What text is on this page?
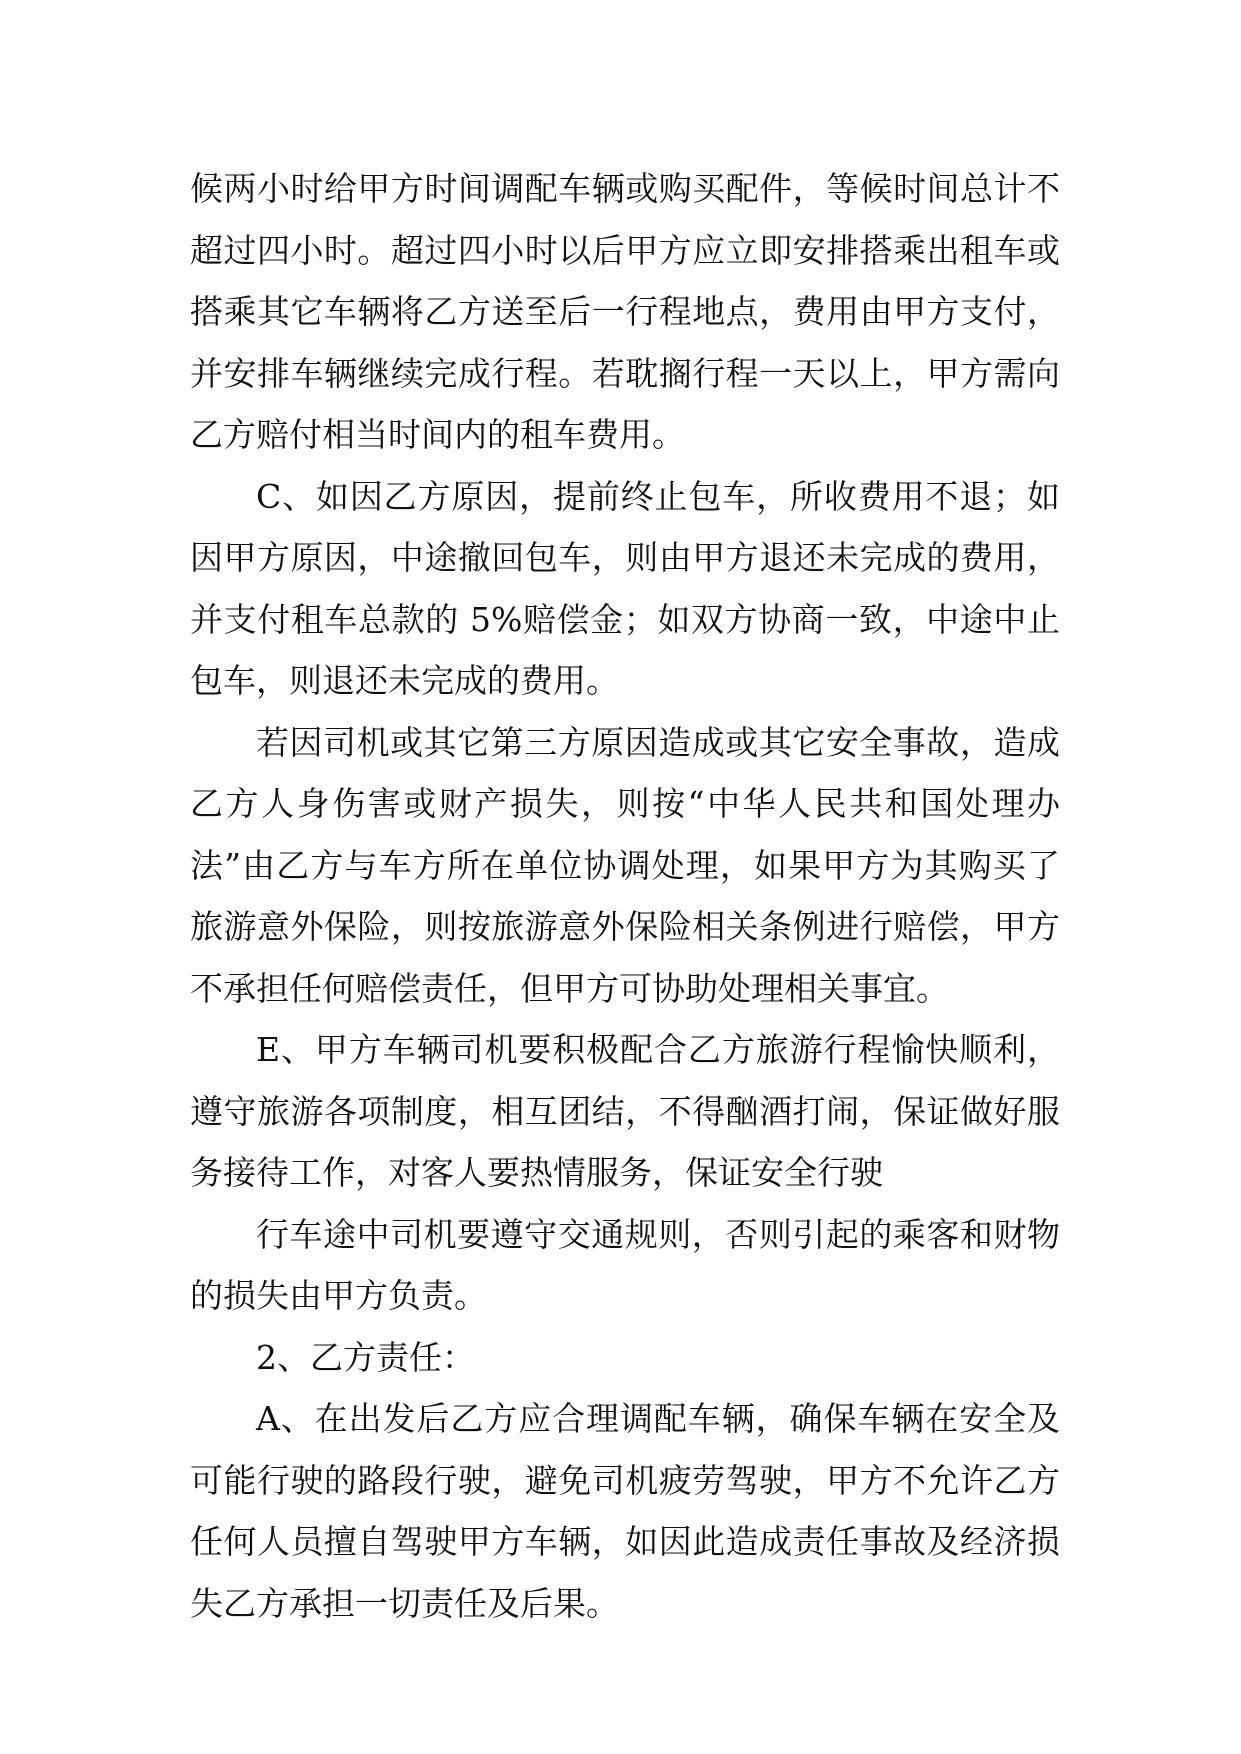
候两小时给甲方时间调配车辆或购买配件，等候时间总计不超过四小时。超过四小时以后甲方应立即安排搭乘出租车或搭乘其它车辆将乙方送至后一行程地点，费用由甲方支付，并安排车辆继续完成行程。若耽搁行程一天以上，甲方需向乙方赔付相当时间内的租车费用。

C、如因乙方原因，提前终止包车，所收费用不退；如因甲方原因，中途撤回包车，则由甲方退还未完成的费用，并支付租车总款的 5%赔偿金；如双方协商一致，中途中止包车，则退还未完成的费用。

若因司机或其它第三方原因造成或其它安全事故，造成乙方人身伤害或财产损失，则按“中华人民共和国处理办法”由乙方与车方所在单位协调处理，如果甲方为其购买了旅游意外保险，则按旅游意外保险相关条例进行赔偿，甲方不承担任何赔偿责任，但甲方可协助处理相关事宜。

E、甲方车辆司机要积极配合乙方旅游行程愉快顺利，遵守旅游各项制度，相互团结，不得酗酒打闹，保证做好服务接待工作，对客人要热情服务，保证安全行驶

行车途中司机要遵守交通规则，否则引起的乘客和财物的损失由甲方负责。

2、乙方责任：

A、在出发后乙方应合理调配车辆，确保车辆在安全及可能行驶的路段行驶，避免司机疲劳驾驶，甲方不允许乙方任何人员擅自驾驶甲方车辆，如因此造成责任事故及经济损失乙方承担一切责任及后果。
